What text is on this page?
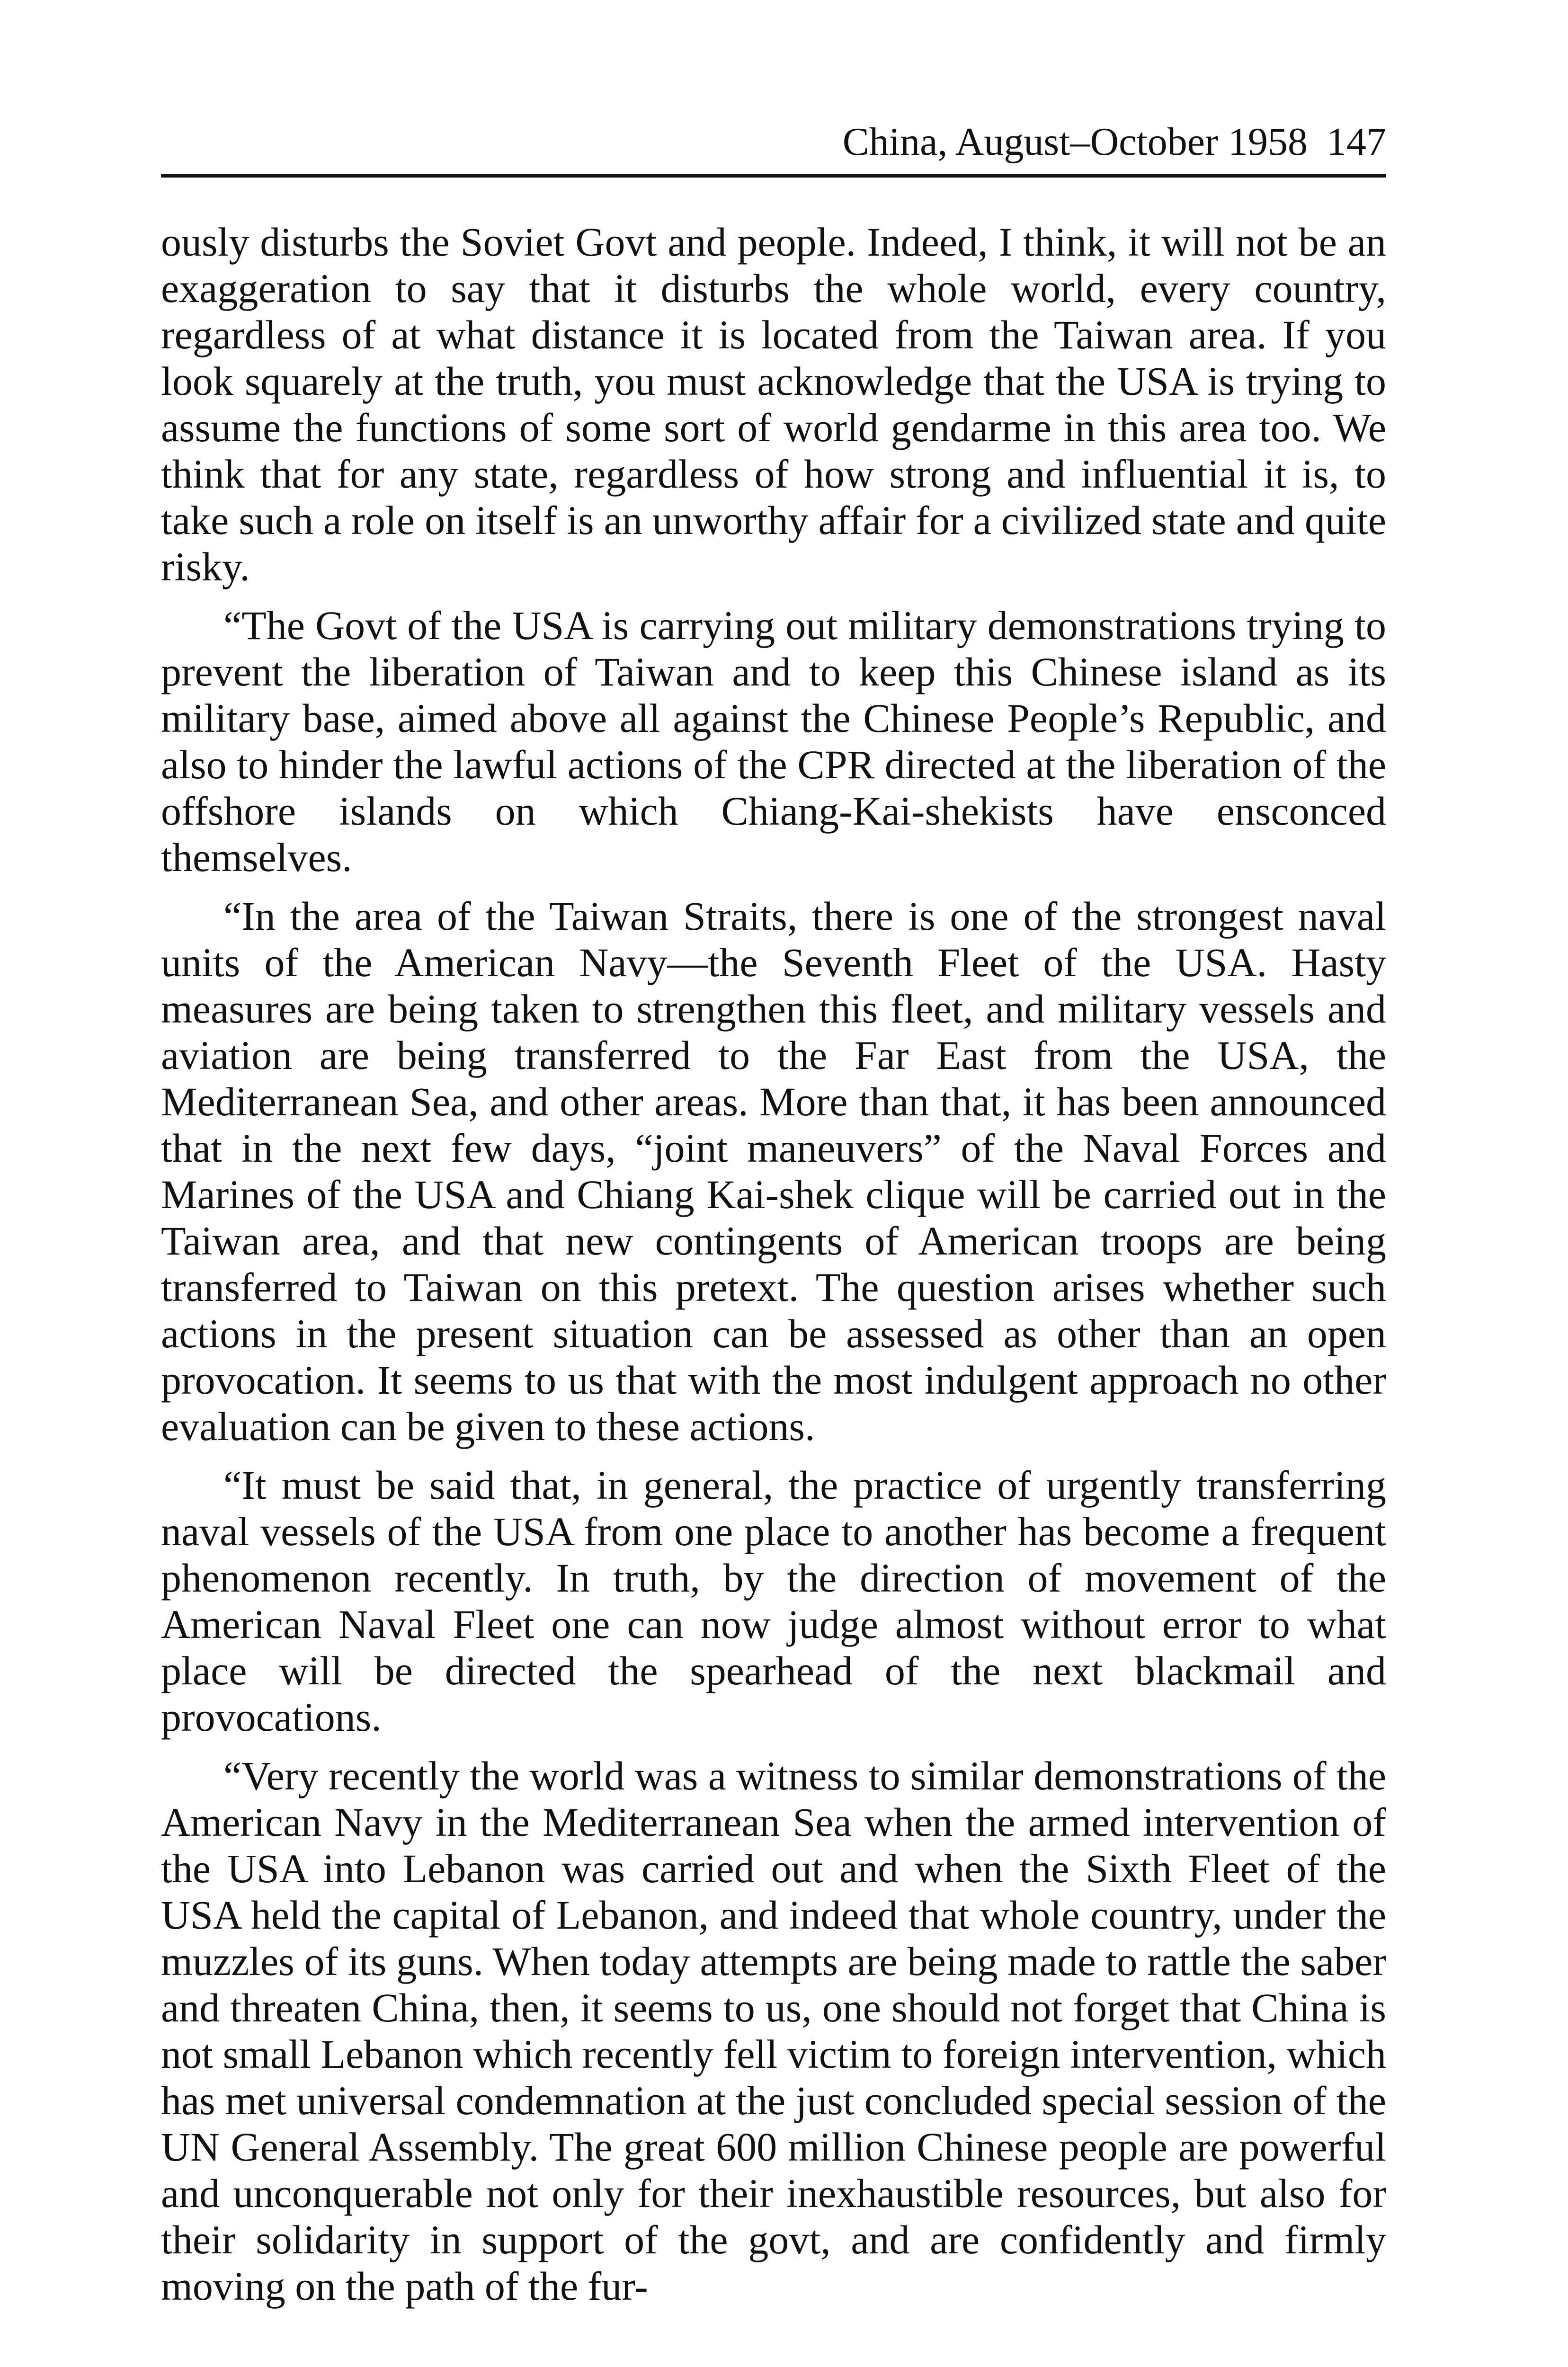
China, August–October 1958 147

ously disturbs the Soviet Govt and people. Indeed, I think, it will not be an exaggeration to say that it disturbs the whole world, every country, regardless of at what distance it is located from the Taiwan area. If you look squarely at the truth, you must acknowledge that the USA is trying to assume the functions of some sort of world gendarme in this area too. We think that for any state, regardless of how strong and influential it is, to take such a role on itself is an unworthy affair for a civilized state and quite risky.

“The Govt of the USA is carrying out military demonstrations trying to prevent the liberation of Taiwan and to keep this Chinese island as its military base, aimed above all against the Chinese People’s Republic, and also to hinder the lawful actions of the CPR directed at the liberation of the offshore islands on which Chiang-Kai-shekists have ensconced themselves.

“In the area of the Taiwan Straits, there is one of the strongest naval units of the American Navy—the Seventh Fleet of the USA. Hasty measures are being taken to strengthen this fleet, and military vessels and aviation are being transferred to the Far East from the USA, the Mediterranean Sea, and other areas. More than that, it has been announced that in the next few days, “joint maneuvers” of the Naval Forces and Marines of the USA and Chiang Kai-shek clique will be carried out in the Taiwan area, and that new contingents of American troops are being transferred to Taiwan on this pretext. The question arises whether such actions in the present situation can be assessed as other than an open provocation. It seems to us that with the most indulgent approach no other evaluation can be given to these actions.

“It must be said that, in general, the practice of urgently transferring naval vessels of the USA from one place to another has become a frequent phenomenon recently. In truth, by the direction of movement of the American Naval Fleet one can now judge almost without error to what place will be directed the spearhead of the next blackmail and provocations.

“Very recently the world was a witness to similar demonstrations of the American Navy in the Mediterranean Sea when the armed intervention of the USA into Lebanon was carried out and when the Sixth Fleet of the USA held the capital of Lebanon, and indeed that whole country, under the muzzles of its guns. When today attempts are being made to rattle the saber and threaten China, then, it seems to us, one should not forget that China is not small Lebanon which recently fell victim to foreign intervention, which has met universal condemnation at the just concluded special session of the UN General Assembly. The great 600 million Chinese people are powerful and unconquerable not only for their inexhaustible resources, but also for their solidarity in support of the govt, and are confidently and firmly moving on the path of the fur-
